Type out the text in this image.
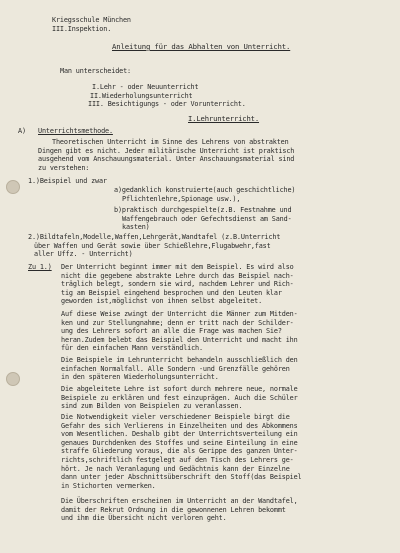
Kriegsschule München
III.Inspektion.
Anleitung für das Abhalten von Unterricht.
Man unterscheidet:
I.Lehr - oder Neuunterricht
II.Wiederholungsunterricht
III. Besichtigungs - oder Vorunterricht.
I.Lehrunterricht.
A) Unterrichtsmethode.
Theoretischen Unterricht im Sinne des Lehrens von abstrakten
Dingen gibt es nicht. Jeder militärische Unterricht ist praktisch
ausgehend vom Anschauungsmaterial. Unter Anschauungsmaterial sind
zu verstehen:
1.)Beispiel und zwar
a)gedanklich konstruierte(auch geschichtliche)
Pflichtenlehre,Spionage usw.),
b)praktisch durchgespielte(z.B. Festnahme und
Waffengebrauch oder Gefechtsdienst am Sand-
kasten)
2.)Bildtafeln,Modelle,Waffen,Lehrgerät,Wandtafel (z.B.Unterricht
über Waffen und Gerät sowie über Schießlehre,Flugabwehr,fast
aller Uffz. - Unterricht)
Zu 1.) Der Unterricht beginnt immer mit dem Beispiel. Es wird also
nicht die gegebene abstrakte Lehre durch das Beispiel nach-
träglich belegt, sondern sie wird, nachdem Lehrer und Rich-
tig am Beispiel eingehend besprochen und den Leuten klar
geworden ist,möglichst von ihnen selbst abgeleitet.
Auf diese Weise zwingt der Unterricht die Männer zum Mitden-
ken und zur Stellungnahme; denn er tritt nach der Schilder-
ung des Lehrers sofort an alle die Frage was machen Sie?
heran.Zudem belebt das Beispiel den Unterricht und macht ihn
für den einfachen Mann verständlich.
Die Beispiele im Lehrunterricht behandeln ausschließlich den
einfachen Normalfall. Alle Sondern -und Grenzfälle gehören
in den späteren Wiederholungsunterricht.
Die abgeleitete Lehre ist sofort durch mehrere neue, normale
Beispiele zu erklären und fest einzuprägen. Auch die Schüler
sind zum Bilden von Beispielen zu veranlassen.
Die Notwendigkeit vieler verschiedener Beispiele birgt die
Gefahr des sich Verlierens in Einzelheiten und des Abkommens
vom Wesentlichen. Deshalb gibt der Unterrichtsverteilung ein
genaues Durchdenken des Stoffes und seine Einteilung in eine
straffe Gliederung voraus, die als Gerippe des ganzen Unter-
richts,schriftlich festgelegt auf den Tisch des Lehrers ge-
hört. Je nach Veranlagung und Gedächtnis kann der Einzelne
dann unter jeder Abschnittsüberschrift den Stoff(das Beispiel
in Stichorten vermerken.
Die Überschriften erscheinen im Unterricht an der Wandtafel,
damit der Rekrut Ordnung in die gewonnenen Lehren bekommt
und ihm die Übersicht nicht verloren geht.
